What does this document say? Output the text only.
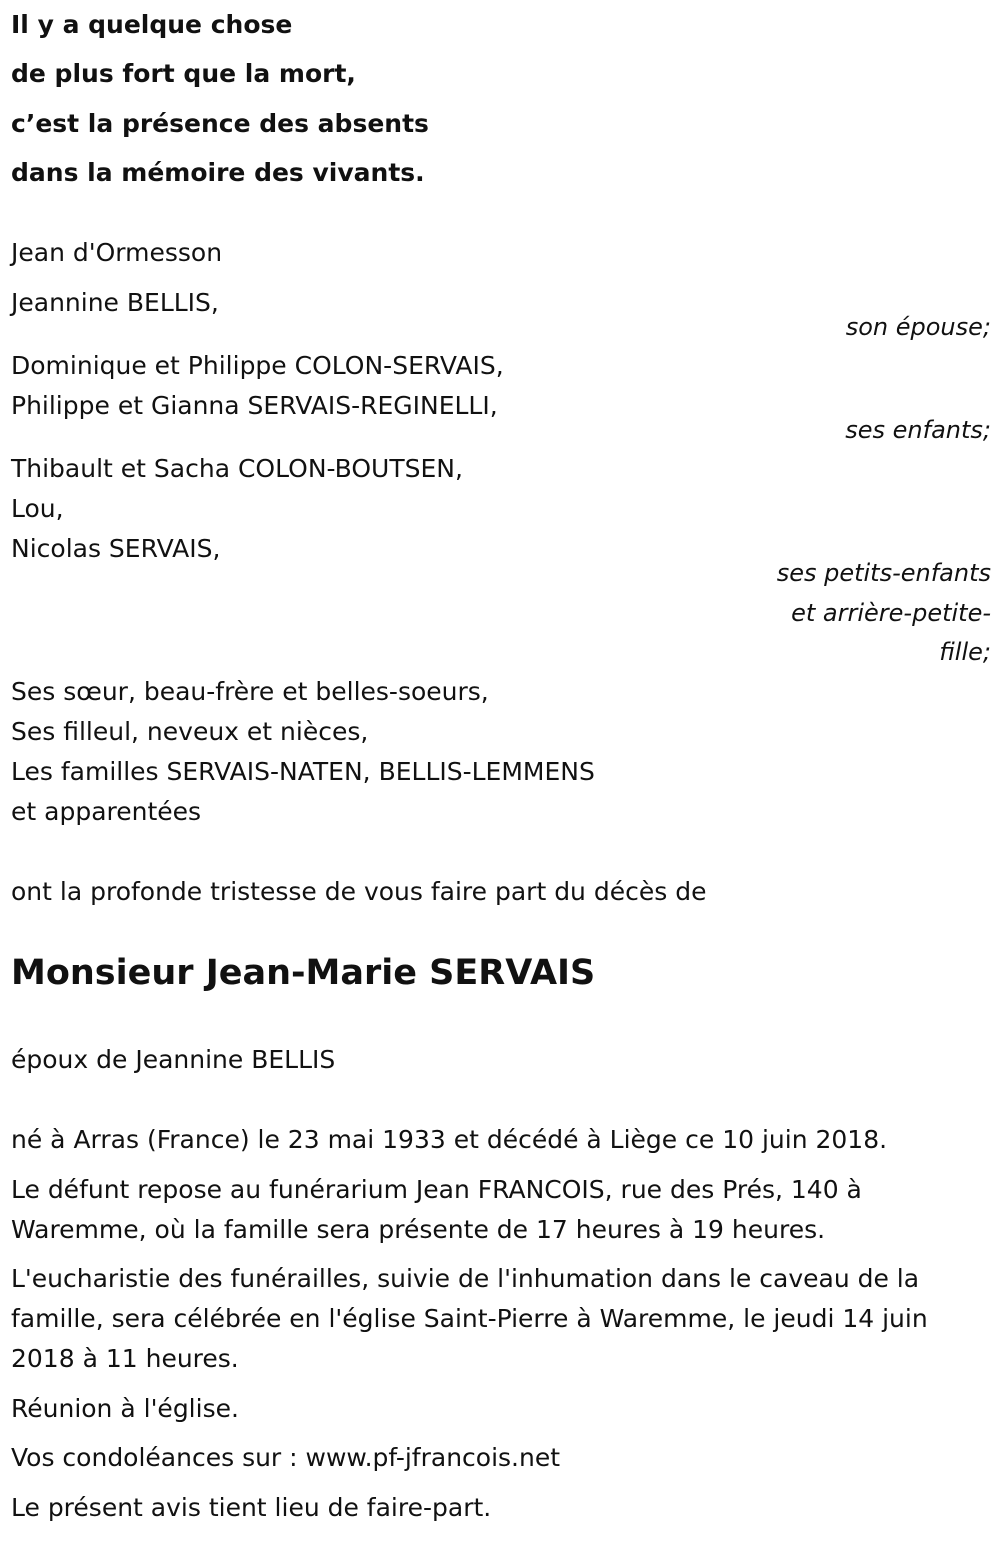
Il y a quelque chose
de plus fort que la mort,
c’est la présence des absents
dans la mémoire des vivants.
Jean d'Ormesson
Jeannine BELLIS,
son épouse;
Dominique et Philippe COLON-SERVAIS,
Philippe et Gianna SERVAIS-REGINELLI,
ses enfants;
Thibault et Sacha COLON-BOUTSEN,
Lou,
Nicolas SERVAIS,
ses petits-enfants
et arrière-petite-
fille;
Ses sœur, beau-frère et belles-soeurs,
Ses filleul, neveux et nièces,
Les familles SERVAIS-NATEN, BELLIS-LEMMENS
et apparentées
ont la profonde tristesse de vous faire part du décès de
Monsieur Jean-Marie SERVAIS
époux de Jeannine BELLIS
né à Arras (France) le 23 mai 1933 et décédé à Liège ce 10 juin 2018.
Le défunt repose au funérarium Jean FRANCOIS, rue des Prés, 140 à Waremme, où la famille sera présente de 17 heures à 19 heures.
L'eucharistie des funérailles, suivie de l'inhumation dans le caveau de la famille, sera célébrée en l'église Saint-Pierre à Waremme, le jeudi 14 juin 2018 à 11 heures.
Réunion à l'église.
Vos condoléances sur : www.pf-jfrancois.net
Le présent avis tient lieu de faire-part.
